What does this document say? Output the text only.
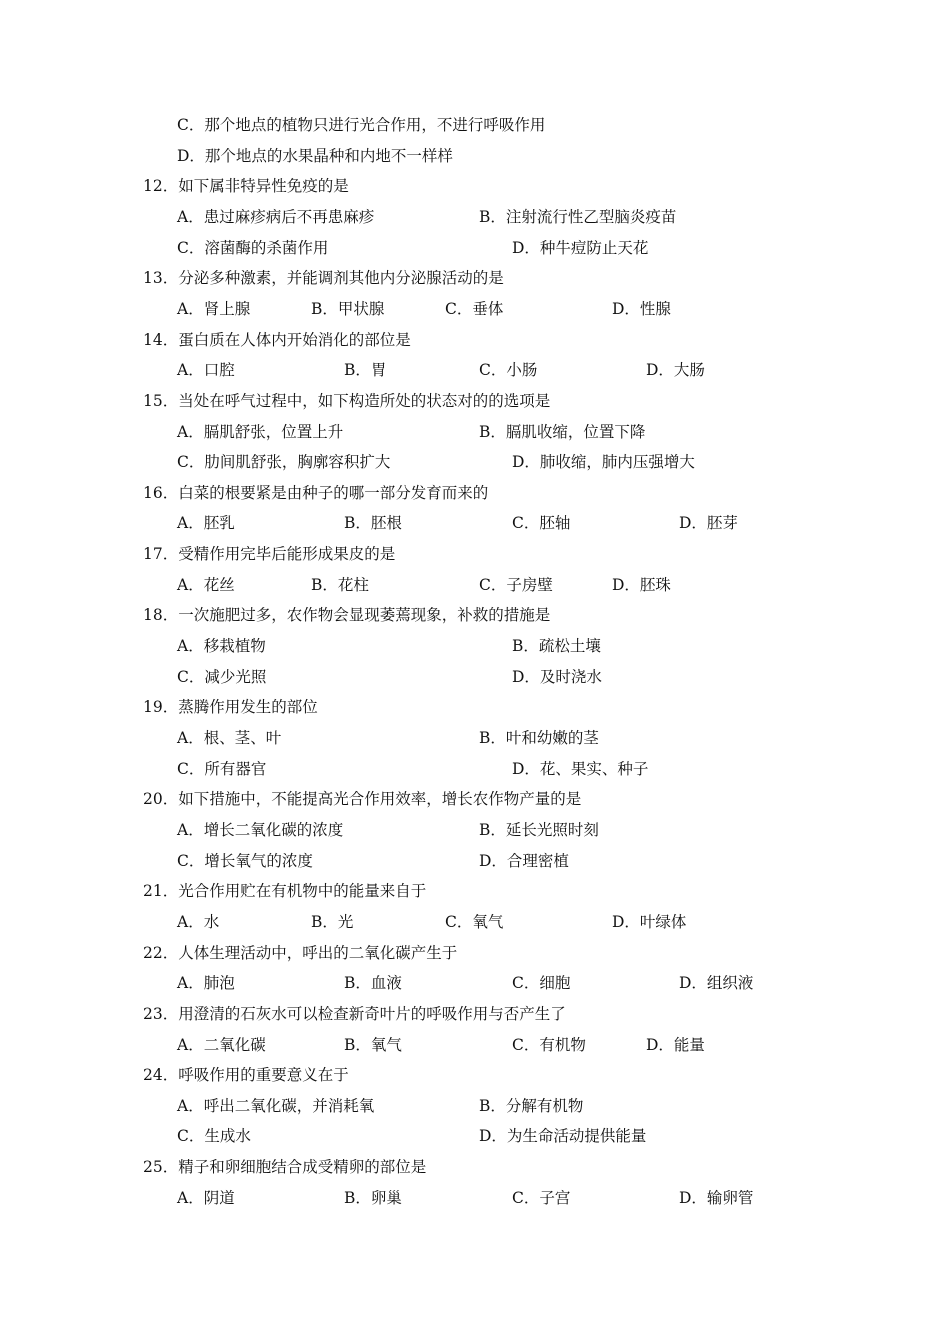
C．那个地点的植物只进行光合作用，不进行呼吸作用
D．那个地点的水果晶种和内地不一样样
12．如下属非特异性免疫的是
A．患过麻疹病后不再患麻疹	B．注射流行性乙型脑炎疫苗
C．溶菌酶的杀菌作用	D．种牛痘防止天花
13．分泌多种激素，并能调剂其他内分泌腺活动的是
A．肾上腺	B．甲状腺	C．垂体	D．性腺
14．蛋白质在人体内开始消化的部位是
A．口腔	B．胃	C．小肠	D．大肠
15．当处在呼气过程中，如下构造所处的状态对的的选项是
A．膈肌舒张，位置上升	B．膈肌收缩，位置下降
C．肋间肌舒张，胸廓容积扩大	D．肺收缩，肺内压强增大
16．白菜的根要紧是由种子的哪一部分发育而来的
A．胚乳	B．胚根	C．胚轴	D．胚芽
17．受精作用完毕后能形成果皮的是
A．花丝	B．花柱	C．子房壁	D．胚珠
18．一次施肥过多，农作物会显现萎蔫现象，补救的措施是
A．移栽植物	B．疏松土壤
C．减少光照	D．及时浇水
19．蒸腾作用发生的部位
A．根、茎、叶	B．叶和幼嫩的茎
C．所有器官	D．花、果实、种子
20．如下措施中，不能提高光合作用效率，增长农作物产量的是
A．增长二氧化碳的浓度	B．延长光照时刻
C．增长氧气的浓度	D．合理密植
21．光合作用贮在有机物中的能量来自于
A．水	B．光	C．氧气	D．叶绿体
22．人体生理活动中，呼出的二氧化碳产生于
A．肺泡	B．血液	C．细胞	D．组织液
23．用澄清的石灰水可以检查新奇叶片的呼吸作用与否产生了
A．二氧化碳	B．氧气	C．有机物	D．能量
24．呼吸作用的重要意义在于
A．呼出二氧化碳，并消耗氧	B．分解有机物
C．生成水	D．为生命活动提供能量
25．精子和卵细胞结合成受精卵的部位是
A．阴道	B．卵巢	C．子宫	D．输卵管
